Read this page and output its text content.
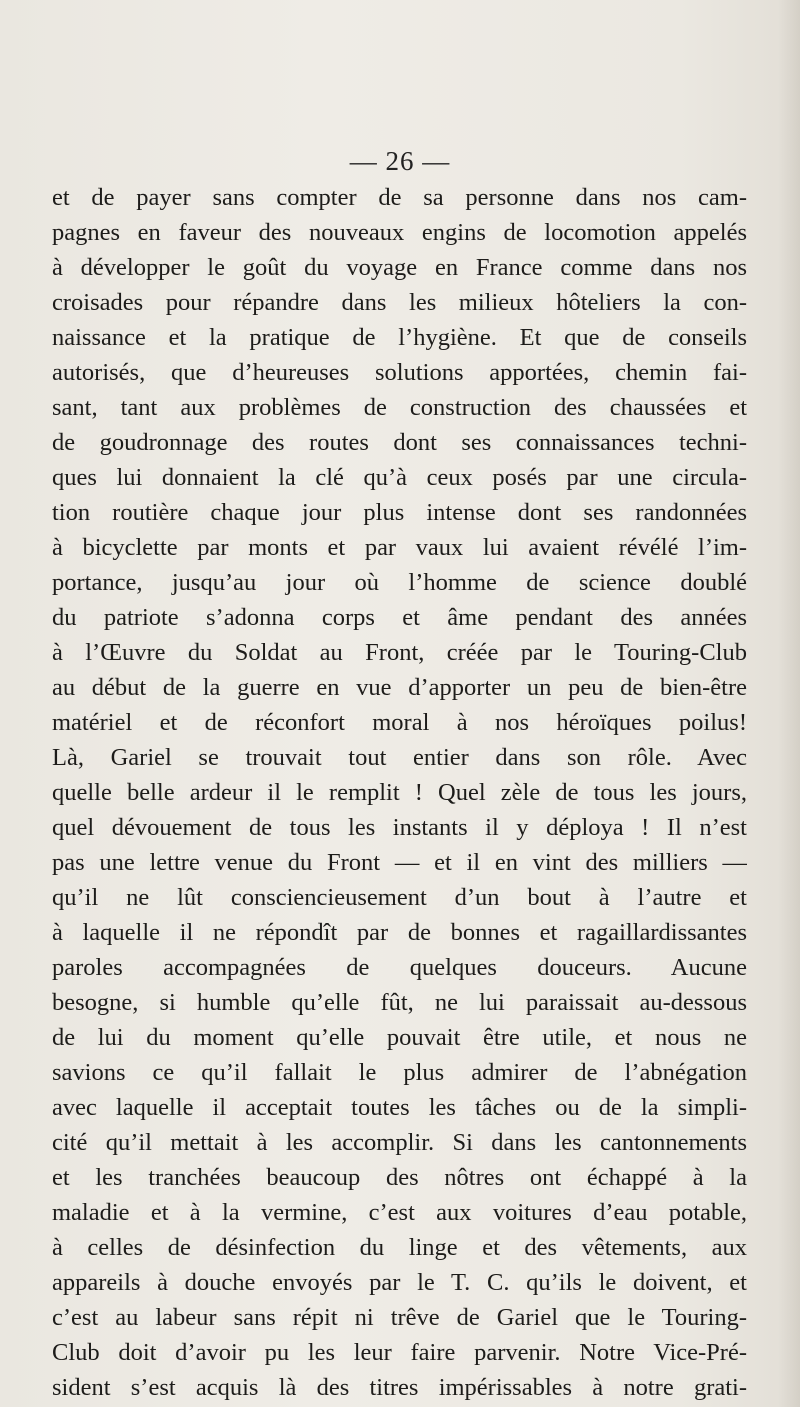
— 26 —
et de payer sans compter de sa personne dans nos cam-
pagnes en faveur des nouveaux engins de locomotion appelés
à développer le goût du voyage en France comme dans nos
croisades pour répandre dans les milieux hôteliers la con-
naissance et la pratique de l’hygiène. Et que de conseils
autorisés, que d’heureuses solutions apportées, chemin fai-
sant, tant aux problèmes de construction des chaussées et
de goudronnage des routes dont ses connaissances techni-
ques lui donnaient la clé qu’à ceux posés par une circula-
tion routière chaque jour plus intense dont ses randonnées
à bicyclette par monts et par vaux lui avaient révélé l’im-
portance, jusqu’au jour où l’homme de science doublé
du patriote s’adonna corps et âme pendant des années
à l’Œuvre du Soldat au Front, créée par le Touring-Club
au début de la guerre en vue d’apporter un peu de bien-être
matériel et de réconfort moral à nos héroïques poilus!
Là, Gariel se trouvait tout entier dans son rôle. Avec
quelle belle ardeur il le remplit ! Quel zèle de tous les jours,
quel dévouement de tous les instants il y déploya ! Il n’est
pas une lettre venue du Front — et il en vint des milliers —
qu’il ne lût consciencieusement d’un bout à l’autre et
à laquelle il ne répondît par de bonnes et ragaillardissantes
paroles accompagnées de quelques douceurs. Aucune
besogne, si humble qu’elle fût, ne lui paraissait au-dessous
de lui du moment qu’elle pouvait être utile, et nous ne
savions ce qu’il fallait le plus admirer de l’abnégation
avec laquelle il acceptait toutes les tâches ou de la simpli-
cité qu’il mettait à les accomplir. Si dans les cantonnements
et les tranchées beaucoup des nôtres ont échappé à la
maladie et à la vermine, c’est aux voitures d’eau potable,
à celles de désinfection du linge et des vêtements, aux
appareils à douche envoyés par le T. C. qu’ils le doivent, et
c’est au labeur sans répit ni trêve de Gariel que le Touring-
Club doit d’avoir pu les leur faire parvenir. Notre Vice-Pré-
sident s’est acquis là des titres impérissables à notre grati-
